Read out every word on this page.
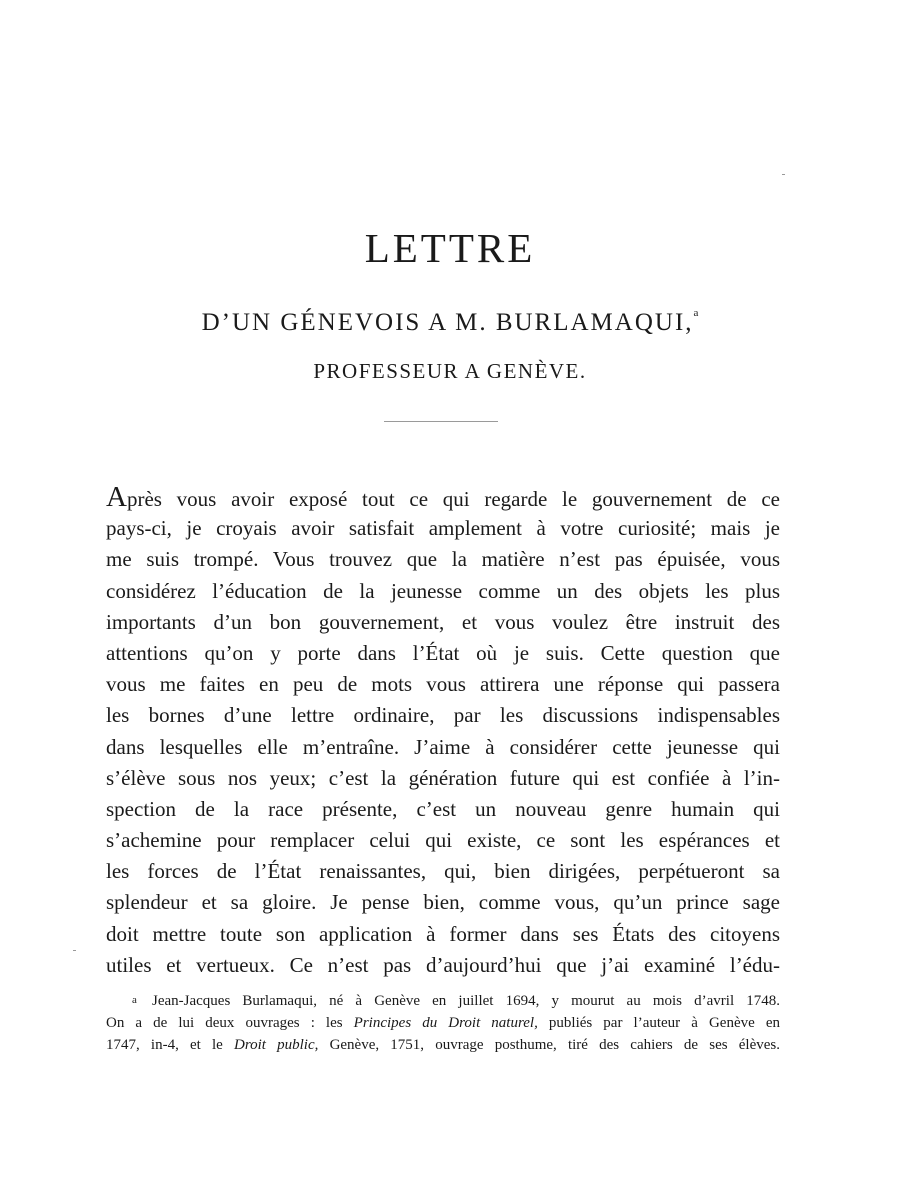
LETTRE
D’UN GÉNEVOIS A M. BURLAMAQUI,$^a$
PROFESSEUR A GENÈVE.
Après vous avoir exposé tout ce qui regarde le gouvernement de ce
pays-ci, je croyais avoir satisfait amplement à votre curiosité; mais je
me suis trompé. Vous trouvez que la matière n’est pas épuisée, vous
considérez l’éducation de la jeunesse comme un des objets les plus
importants d’un bon gouvernement, et vous voulez être instruit des
attentions qu’on y porte dans l’État où je suis. Cette question que
vous me faites en peu de mots vous attirera une réponse qui passera
les bornes d’une lettre ordinaire, par les discussions indispensables
dans lesquelles elle m’entraîne. J’aime à considérer cette jeunesse qui
s’élève sous nos yeux; c’est la génération future qui est confiée à l’in-
spection de la race présente, c’est un nouveau genre humain qui
s’achemine pour remplacer celui qui existe, ce sont les espérances et
les forces de l’État renaissantes, qui, bien dirigées, perpétueront sa
splendeur et sa gloire. Je pense bien, comme vous, qu’un prince sage
doit mettre toute son application à former dans ses États des citoyens
utiles et vertueux. Ce n’est pas d’aujourd’hui que j’ai examiné l’édu-
a	Jean-Jacques Burlamaqui, né à Genève en juillet 1694, y mourut au mois d’avril 1748.
On a de lui deux ouvrages : les Principes du Droit naturel, publiés par l’auteur à Genève en
1747, in-4, et le Droit public, Genève, 1751, ouvrage posthume, tiré des cahiers de ses élèves.
